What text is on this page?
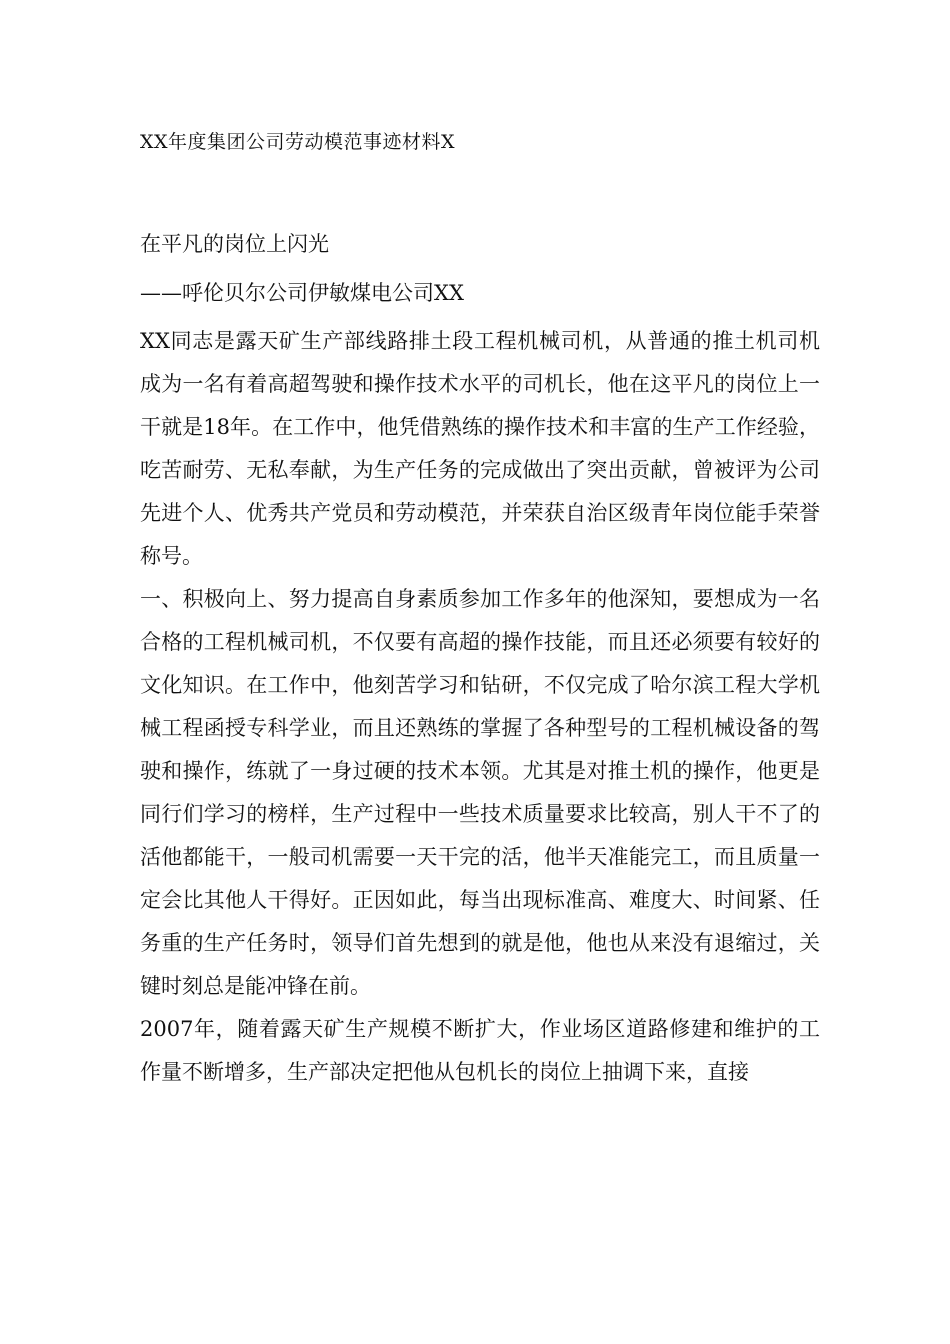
XX年度集团公司劳动模范事迹材料X
在平凡的岗位上闪光
——呼伦贝尔公司伊敏煤电公司XX

XX同志是露天矿生产部线路排土段工程机械司机，从普通的推土机司机成为一名有着高超驾驶和操作技术水平的司机长，他在这平凡的岗位上一干就是18年。在工作中，他凭借熟练的操作技术和丰富的生产工作经验，吃苦耐劳、无私奉献，为生产任务的完成做出了突出贡献，曾被评为公司先进个人、优秀共产党员和劳动模范，并荣获自治区级青年岗位能手荣誉称号。

一、积极向上、努力提高自身素质参加工作多年的他深知，要想成为一名合格的工程机械司机，不仅要有高超的操作技能，而且还必须要有较好的文化知识。在工作中，他刻苦学习和钻研，不仅完成了哈尔滨工程大学机械工程函授专科学业，而且还熟练的掌握了各种型号的工程机械设备的驾驶和操作，练就了一身过硬的技术本领。尤其是对推土机的操作，他更是同行们学习的榜样，生产过程中一些技术质量要求比较高，别人干不了的活他都能干，一般司机需要一天干完的活，他半天准能完工，而且质量一定会比其他人干得好。正因如此，每当出现标准高、难度大、时间紧、任务重的生产任务时，领导们首先想到的就是他，他也从来没有退缩过，关键时刻总是能冲锋在前。

2007年，随着露天矿生产规模不断扩大，作业场区道路修建和维护的工作量不断增多，生产部决定把他从包机长的岗位上抽调下来，直接
